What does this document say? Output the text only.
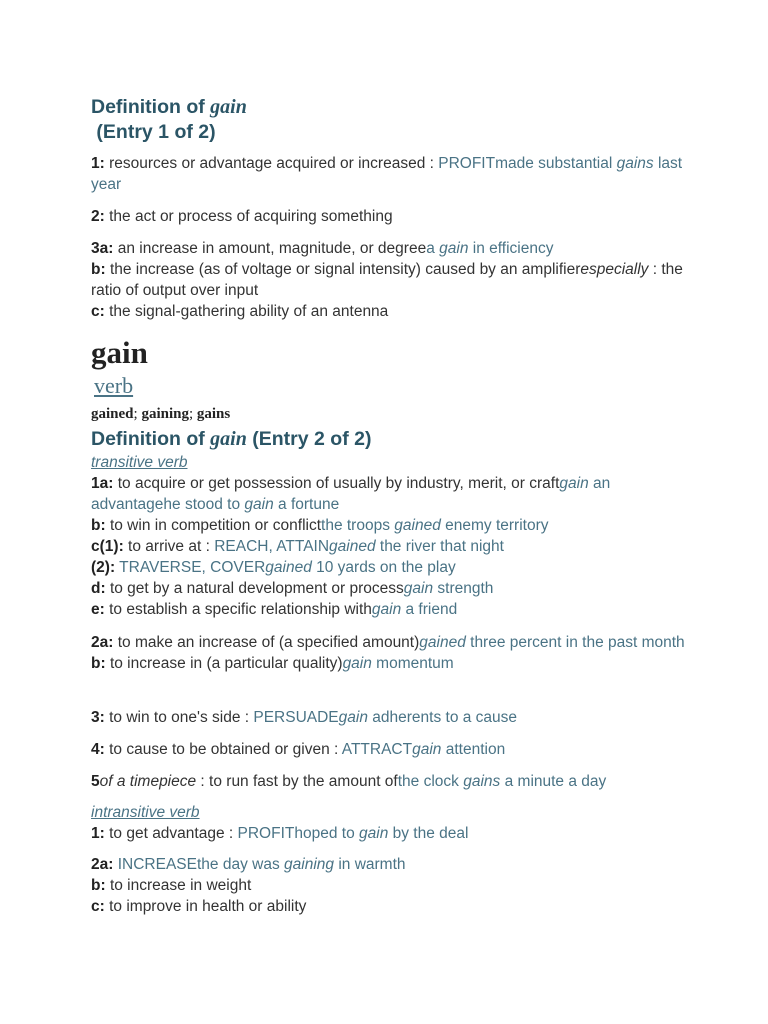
Definition of gain
(Entry 1 of 2)
1: resources or advantage acquired or increased : PROFITmade substantial gains last year
2: the act or process of acquiring something
3a: an increase in amount, magnitude, or degreea gain in efficiency
b: the increase (as of voltage or signal intensity) caused by an amplifierespecially : the ratio of output over input
c: the signal-gathering ability of an antenna
gain
verb
gained; gaining; gains
Definition of gain (Entry 2 of 2)
transitive verb
1a: to acquire or get possession of usually by industry, merit, or craftgain an advantagehe stood to gain a fortune
b: to win in competition or conflictthe troops gained enemy territory
c(1): to arrive at : REACH, ATTAINgained the river that night
(2): TRAVERSE, COVERgained 10 yards on the play
d: to get by a natural development or processgain strength
e: to establish a specific relationship withgain a friend
2a: to make an increase of (a specified amount)gained three percent in the past month
b: to increase in (a particular quality)gain momentum
3: to win to one's side : PERSUADEgain adherents to a cause
4: to cause to be obtained or given : ATTRACTgain attention
5of a timepiece : to run fast by the amount ofthe clock gains a minute a day
intransitive verb
1: to get advantage : PROFIThoped to gain by the deal
2a: INCREASEthe day was gaining in warmth
b: to increase in weight
c: to improve in health or ability
